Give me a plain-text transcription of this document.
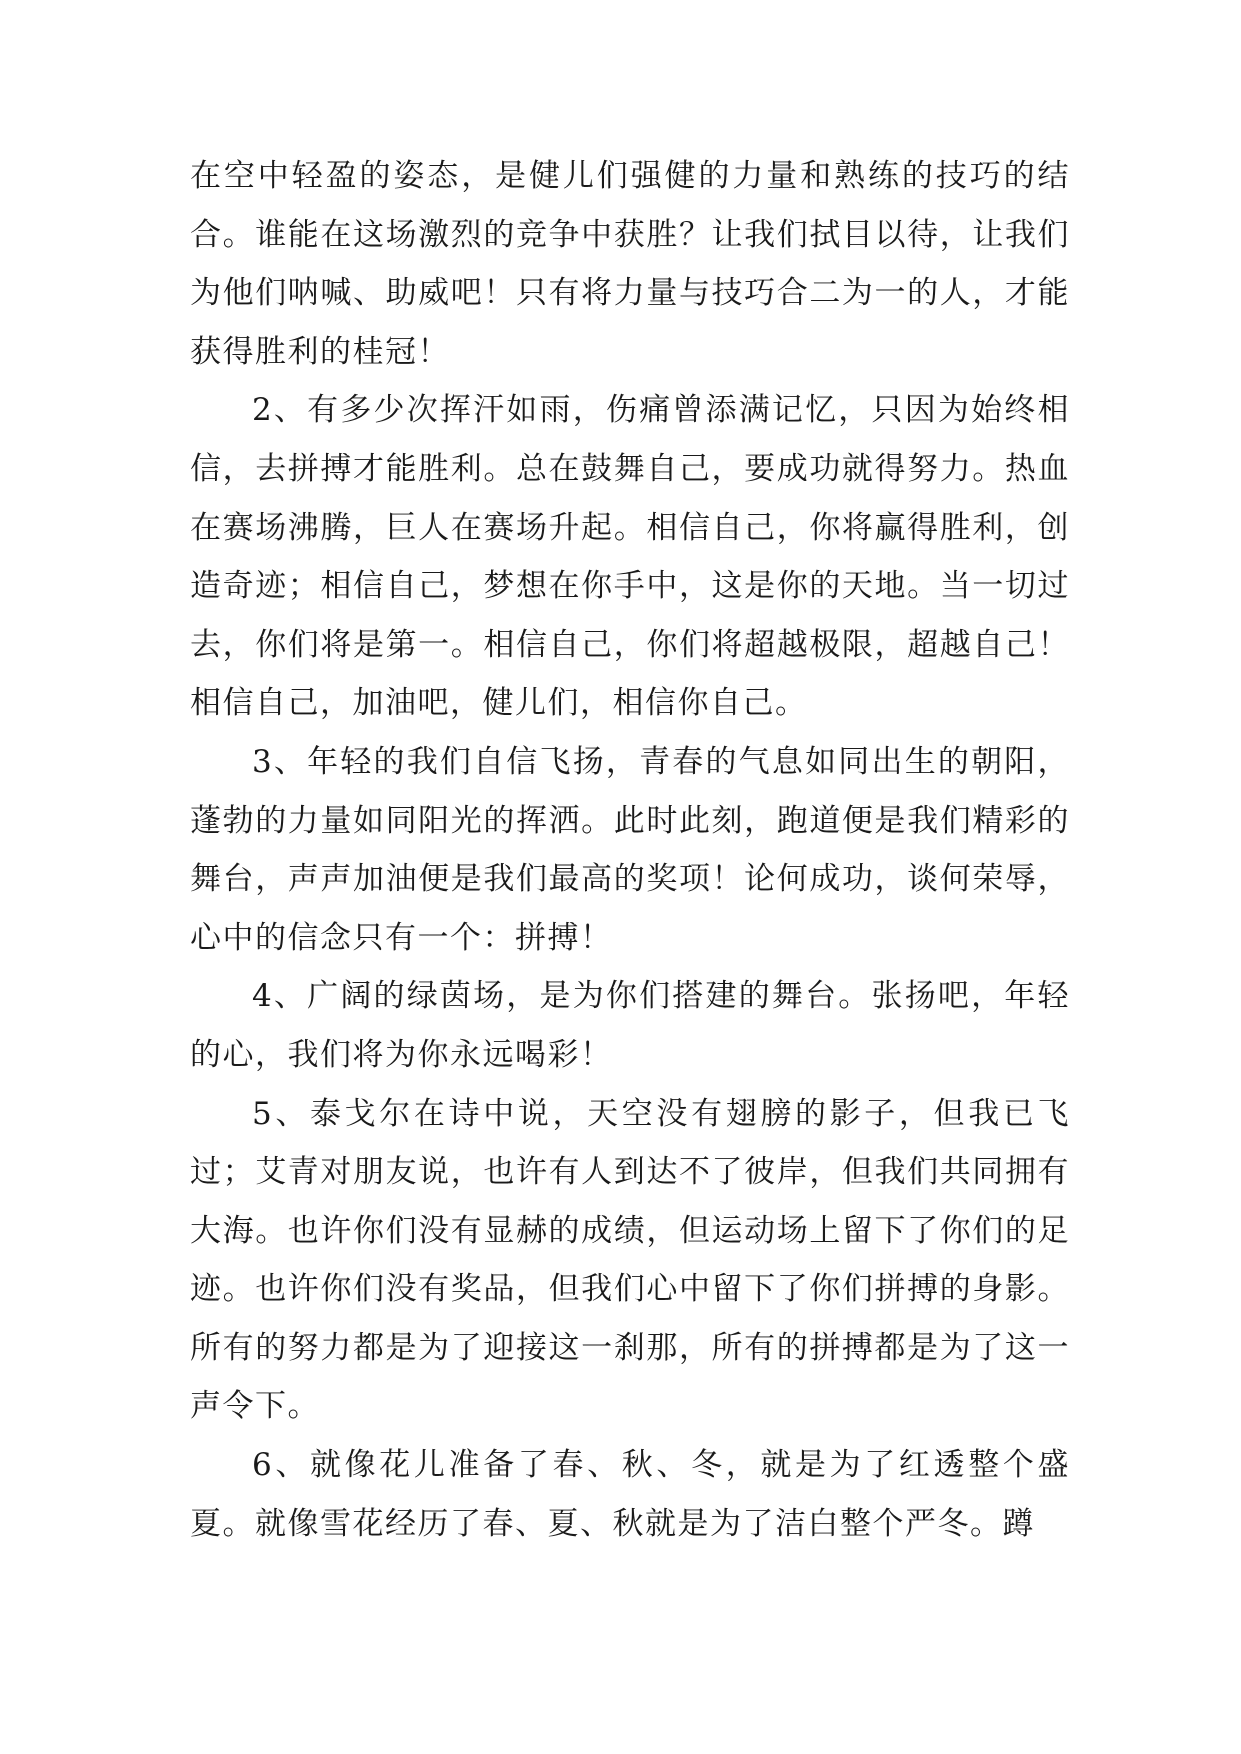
在空中轻盈的姿态，是健儿们强健的力量和熟练的技巧的结合。谁能在这场激烈的竞争中获胜？让我们拭目以待，让我们为他们呐喊、助威吧！只有将力量与技巧合二为一的人，才能获得胜利的桂冠！

2、有多少次挥汗如雨，伤痛曾添满记忆，只因为始终相信，去拼搏才能胜利。总在鼓舞自己，要成功就得努力。热血在赛场沸腾，巨人在赛场升起。相信自己，你将赢得胜利，创造奇迹；相信自己，梦想在你手中，这是你的天地。当一切过去，你们将是第一。相信自己，你们将超越极限，超越自己！相信自己，加油吧，健儿们，相信你自己。

3、年轻的我们自信飞扬，青春的气息如同出生的朝阳，蓬勃的力量如同阳光的挥洒。此时此刻，跑道便是我们精彩的舞台，声声加油便是我们最高的奖项！论何成功，谈何荣辱，心中的信念只有一个：拼搏！

4、广阔的绿茵场，是为你们搭建的舞台。张扬吧，年轻的心，我们将为你永远喝彩！

5、泰戈尔在诗中说，天空没有翅膀的影子，但我已飞过；艾青对朋友说，也许有人到达不了彼岸，但我们共同拥有大海。也许你们没有显赫的成绩，但运动场上留下了你们的足迹。也许你们没有奖品，但我们心中留下了你们拼搏的身影。所有的努力都是为了迎接这一刹那，所有的拼搏都是为了这一声令下。

6、就像花儿准备了春、秋、冬，就是为了红透整个盛夏。就像雪花经历了春、夏、秋就是为了洁白整个严冬。蹲
